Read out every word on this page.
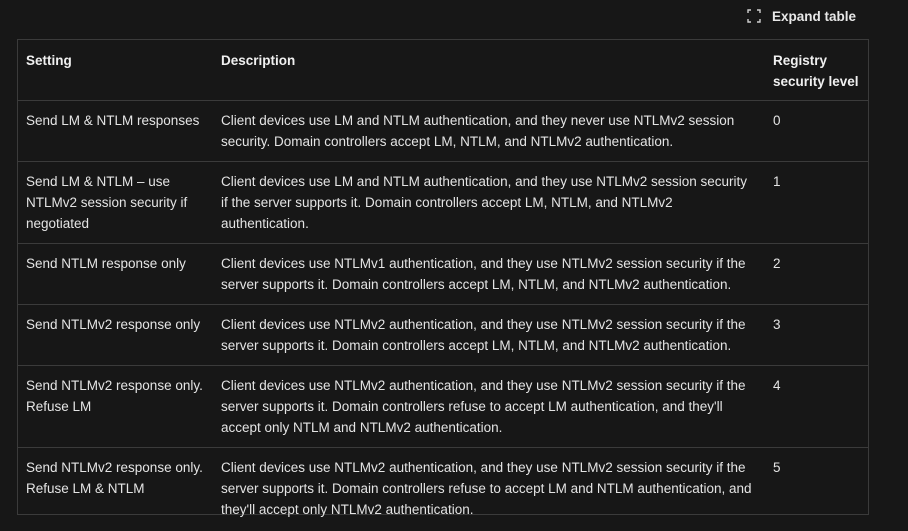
Expand table
Setting	Description	Registry security level
Send LM & NTLM responses	Client devices use LM and NTLM authentication, and they never use NTLMv2 session security. Domain controllers accept LM, NTLM, and NTLMv2 authentication.	0
Send LM & NTLM – use NTLMv2 session security if negotiated	Client devices use LM and NTLM authentication, and they use NTLMv2 session security if the server supports it. Domain controllers accept LM, NTLM, and NTLMv2 authentication.	1
Send NTLM response only	Client devices use NTLMv1 authentication, and they use NTLMv2 session security if the server supports it. Domain controllers accept LM, NTLM, and NTLMv2 authentication.	2
Send NTLMv2 response only	Client devices use NTLMv2 authentication, and they use NTLMv2 session security if the server supports it. Domain controllers accept LM, NTLM, and NTLMv2 authentication.	3
Send NTLMv2 response only. Refuse LM	Client devices use NTLMv2 authentication, and they use NTLMv2 session security if the server supports it. Domain controllers refuse to accept LM authentication, and they'll accept only NTLM and NTLMv2 authentication.	4
Send NTLMv2 response only. Refuse LM & NTLM	Client devices use NTLMv2 authentication, and they use NTLMv2 session security if the server supports it. Domain controllers refuse to accept LM and NTLM authentication, and they'll accept only NTLMv2 authentication.	5
